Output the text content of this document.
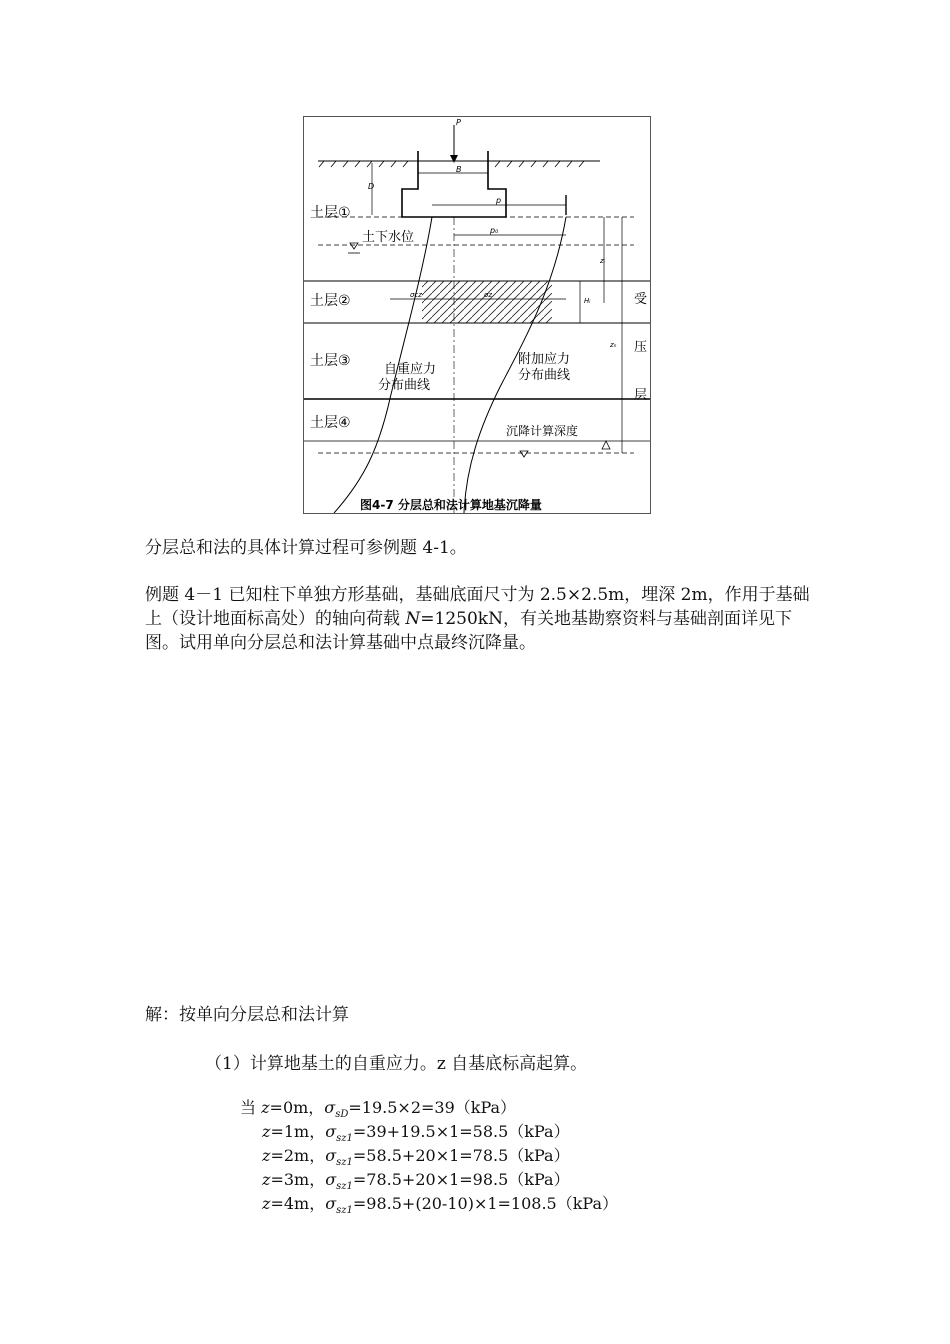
P
B
D
p
土层①
土下水位	p₀
土层②	σcz	σz
Hᵢ
土层③
zᵢ
zₙ
受
压
层
自重应力
分布曲线
附加应力
分布曲线
土层④	沉降计算深度
图4-7 分层总和法计算地基沉降量

分层总和法的具体计算过程可参例题 4-1。

例题 4－1 已知柱下单独方形基础，基础底面尺寸为 2.5×2.5m，埋深 2m，作用于基础上（设计地面标高处）的轴向荷载 N=1250kN，有关地基勘察资料与基础剖面详见下图。试用单向分层总和法计算基础中点最终沉降量。

解：按单向分层总和法计算
（1）计算地基土的自重应力。z 自基底标高起算。
当 z=0m，$\sigma_{sD}=19.5\times 2=39(kPa)$
z=1m，$\sigma_{sz1}=39+19.5\times 1=58.5(kPa)$
z=2m，$\sigma_{sz1}=58.5+20\times 1=78.5(kPa)$
z=3m，$\sigma_{sz1}=78.5+20\times 1=98.5(kPa)$
z=4m，$\sigma_{sz1}=98.5+(20-10)\times 1=108.5(kPa)$
